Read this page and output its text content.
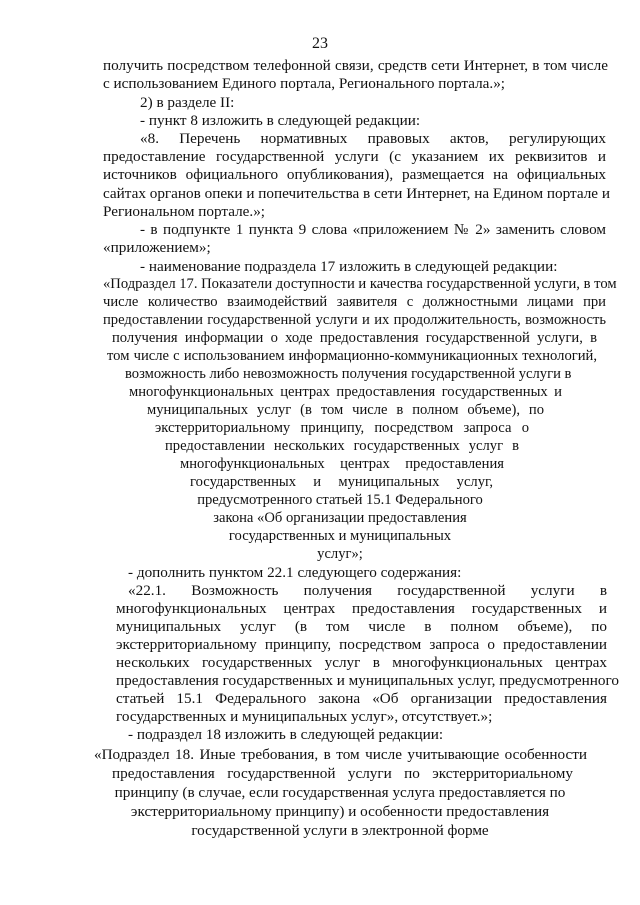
23
получить посредством телефонной связи, средств сети Интернет, в том числе
с использованием Единого портала, Регионального портала.»;
2) в разделе II:
- пункт 8 изложить в следующей редакции:
«8. Перечень нормативных правовых актов, регулирующих
предоставление государственной услуги (с указанием их реквизитов и
источников официального опубликования), размещается на официальных
сайтах органов опеки и попечительства в сети Интернет, на Едином портале и
Региональном портале.»;
- в подпункте 1 пункта 9 слова «приложением № 2» заменить словом
«приложением»;
- наименование подраздела 17 изложить в следующей редакции:
«Подраздел 17. Показатели доступности и качества государственной услуги, в том
числе количество взаимодействий заявителя с должностными лицами при
предоставлении государственной услуги и их продолжительность, возможность
получения информации о ходе предоставления государственной услуги, в
том числе с использованием информационно-коммуникационных технологий,
возможность либо невозможность получения государственной услуги в
многофункциональных центрах предоставления государственных и
муниципальных услуг (в том числе в полном объеме), по
экстерриториальному принципу, посредством запроса о
предоставлении нескольких государственных услуг в
многофункциональных центрах предоставления
государственных и муниципальных услуг,
предусмотренного статьей 15.1 Федерального
закона «Об организации предоставления
государственных и муниципальных
услуг»;
- дополнить пунктом 22.1 следующего содержания:
«22.1. Возможность получения государственной услуги в
многофункциональных центрах предоставления государственных и
муниципальных услуг (в том числе в полном объеме), по
экстерриториальному принципу, посредством запроса о предоставлении
нескольких государственных услуг в многофункциональных центрах
предоставления государственных и муниципальных услуг, предусмотренного
статьей 15.1 Федерального закона «Об организации предоставления
государственных и муниципальных услуг», отсутствует.»;
- подраздел 18 изложить в следующей редакции:
«Подраздел 18. Иные требования, в том числе учитывающие особенности
предоставления государственной услуги по экстерриториальному
принципу (в случае, если государственная услуга предоставляется по
экстерриториальному принципу) и особенности предоставления
государственной услуги в электронной форме
